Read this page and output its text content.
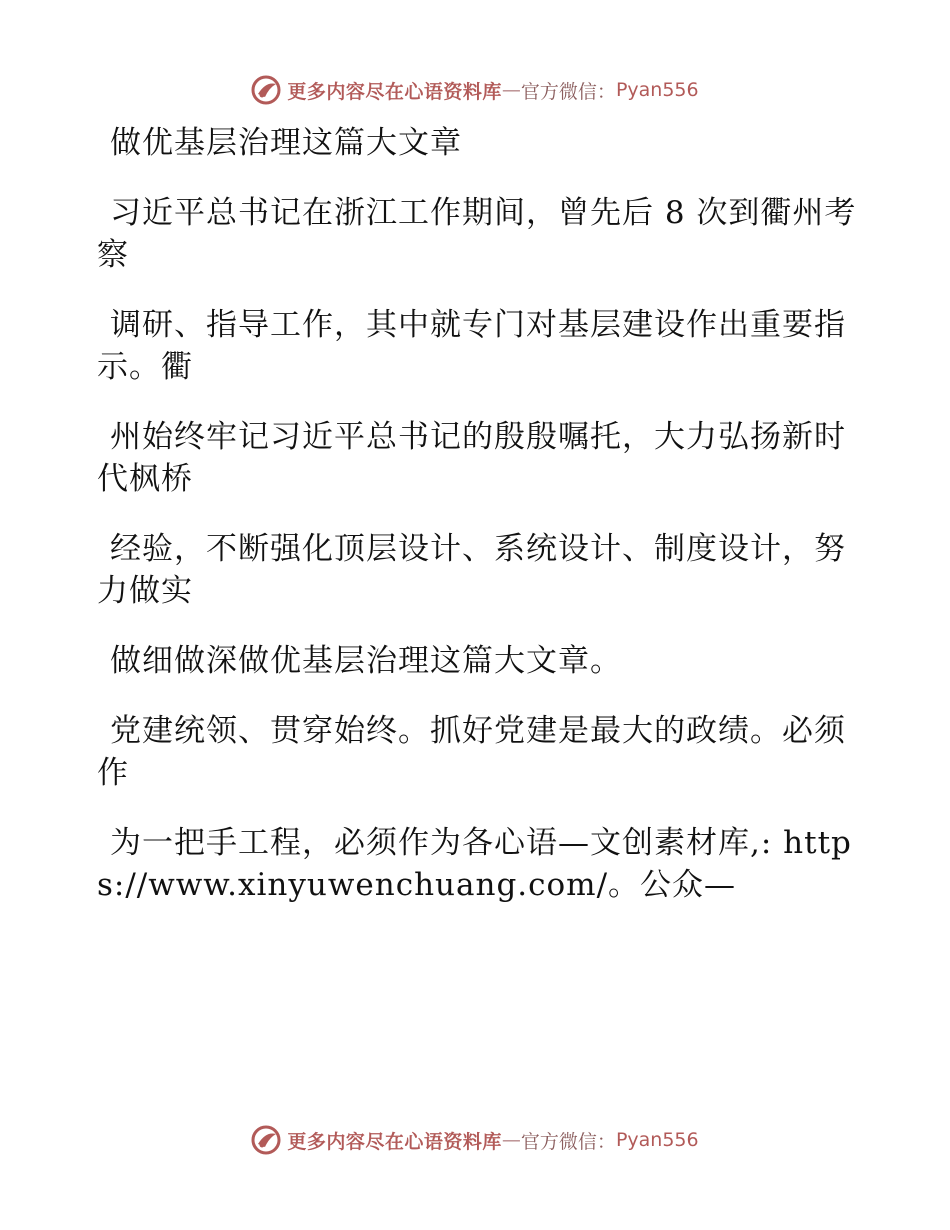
更多内容尽在心语资料库 — 官方微信： Pyan556

做优基层治理这篇大文章

习近平总书记在浙江工作期间，曾先后 8 次到衢州考察

调研、指导工作，其中就专门对基层建设作出重要指示。衢

州始终牢记习近平总书记的殷殷嘱托，大力弘扬新时代枫桥

经验，不断强化顶层设计、系统设计、制度设计，努力做实

做细做深做优基层治理这篇大文章。

党建统领、贯穿始终。抓好党建是最大的政绩。必须作

为一把手工程，必须作为各心语—文创素材库,: https://www.xinyuwenchuang.com/。公众—

更多内容尽在心语资料库 — 官方微信： Pyan556
